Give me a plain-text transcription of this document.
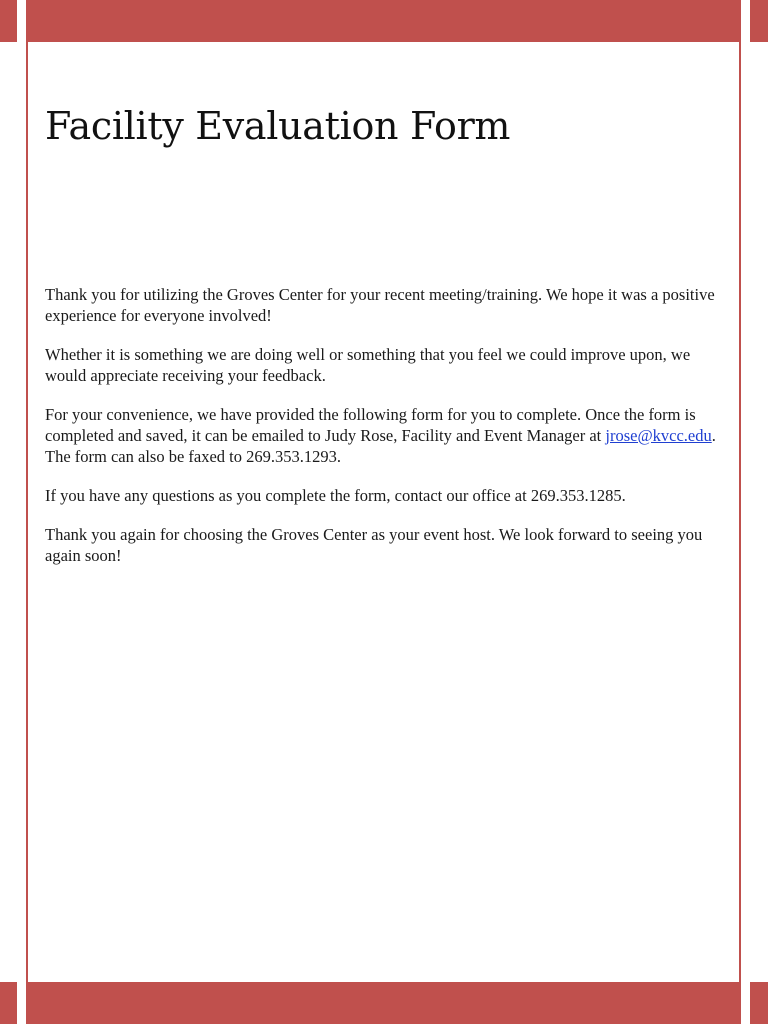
Facility Evaluation Form

Thank you for utilizing the Groves Center for your recent meeting/training. We hope it was a positive experience for everyone involved!

Whether it is something we are doing well or something that you feel we could improve upon, we would appreciate receiving your feedback.

For your convenience, we have provided the following form for you to complete. Once the form is completed and saved, it can be emailed to Judy Rose, Facility and Event Manager at jrose@kvcc.edu. The form can also be faxed to 269.353.1293.

If you have any questions as you complete the form, contact our office at 269.353.1285.

Thank you again for choosing the Groves Center as your event host. We look forward to seeing you again soon!
